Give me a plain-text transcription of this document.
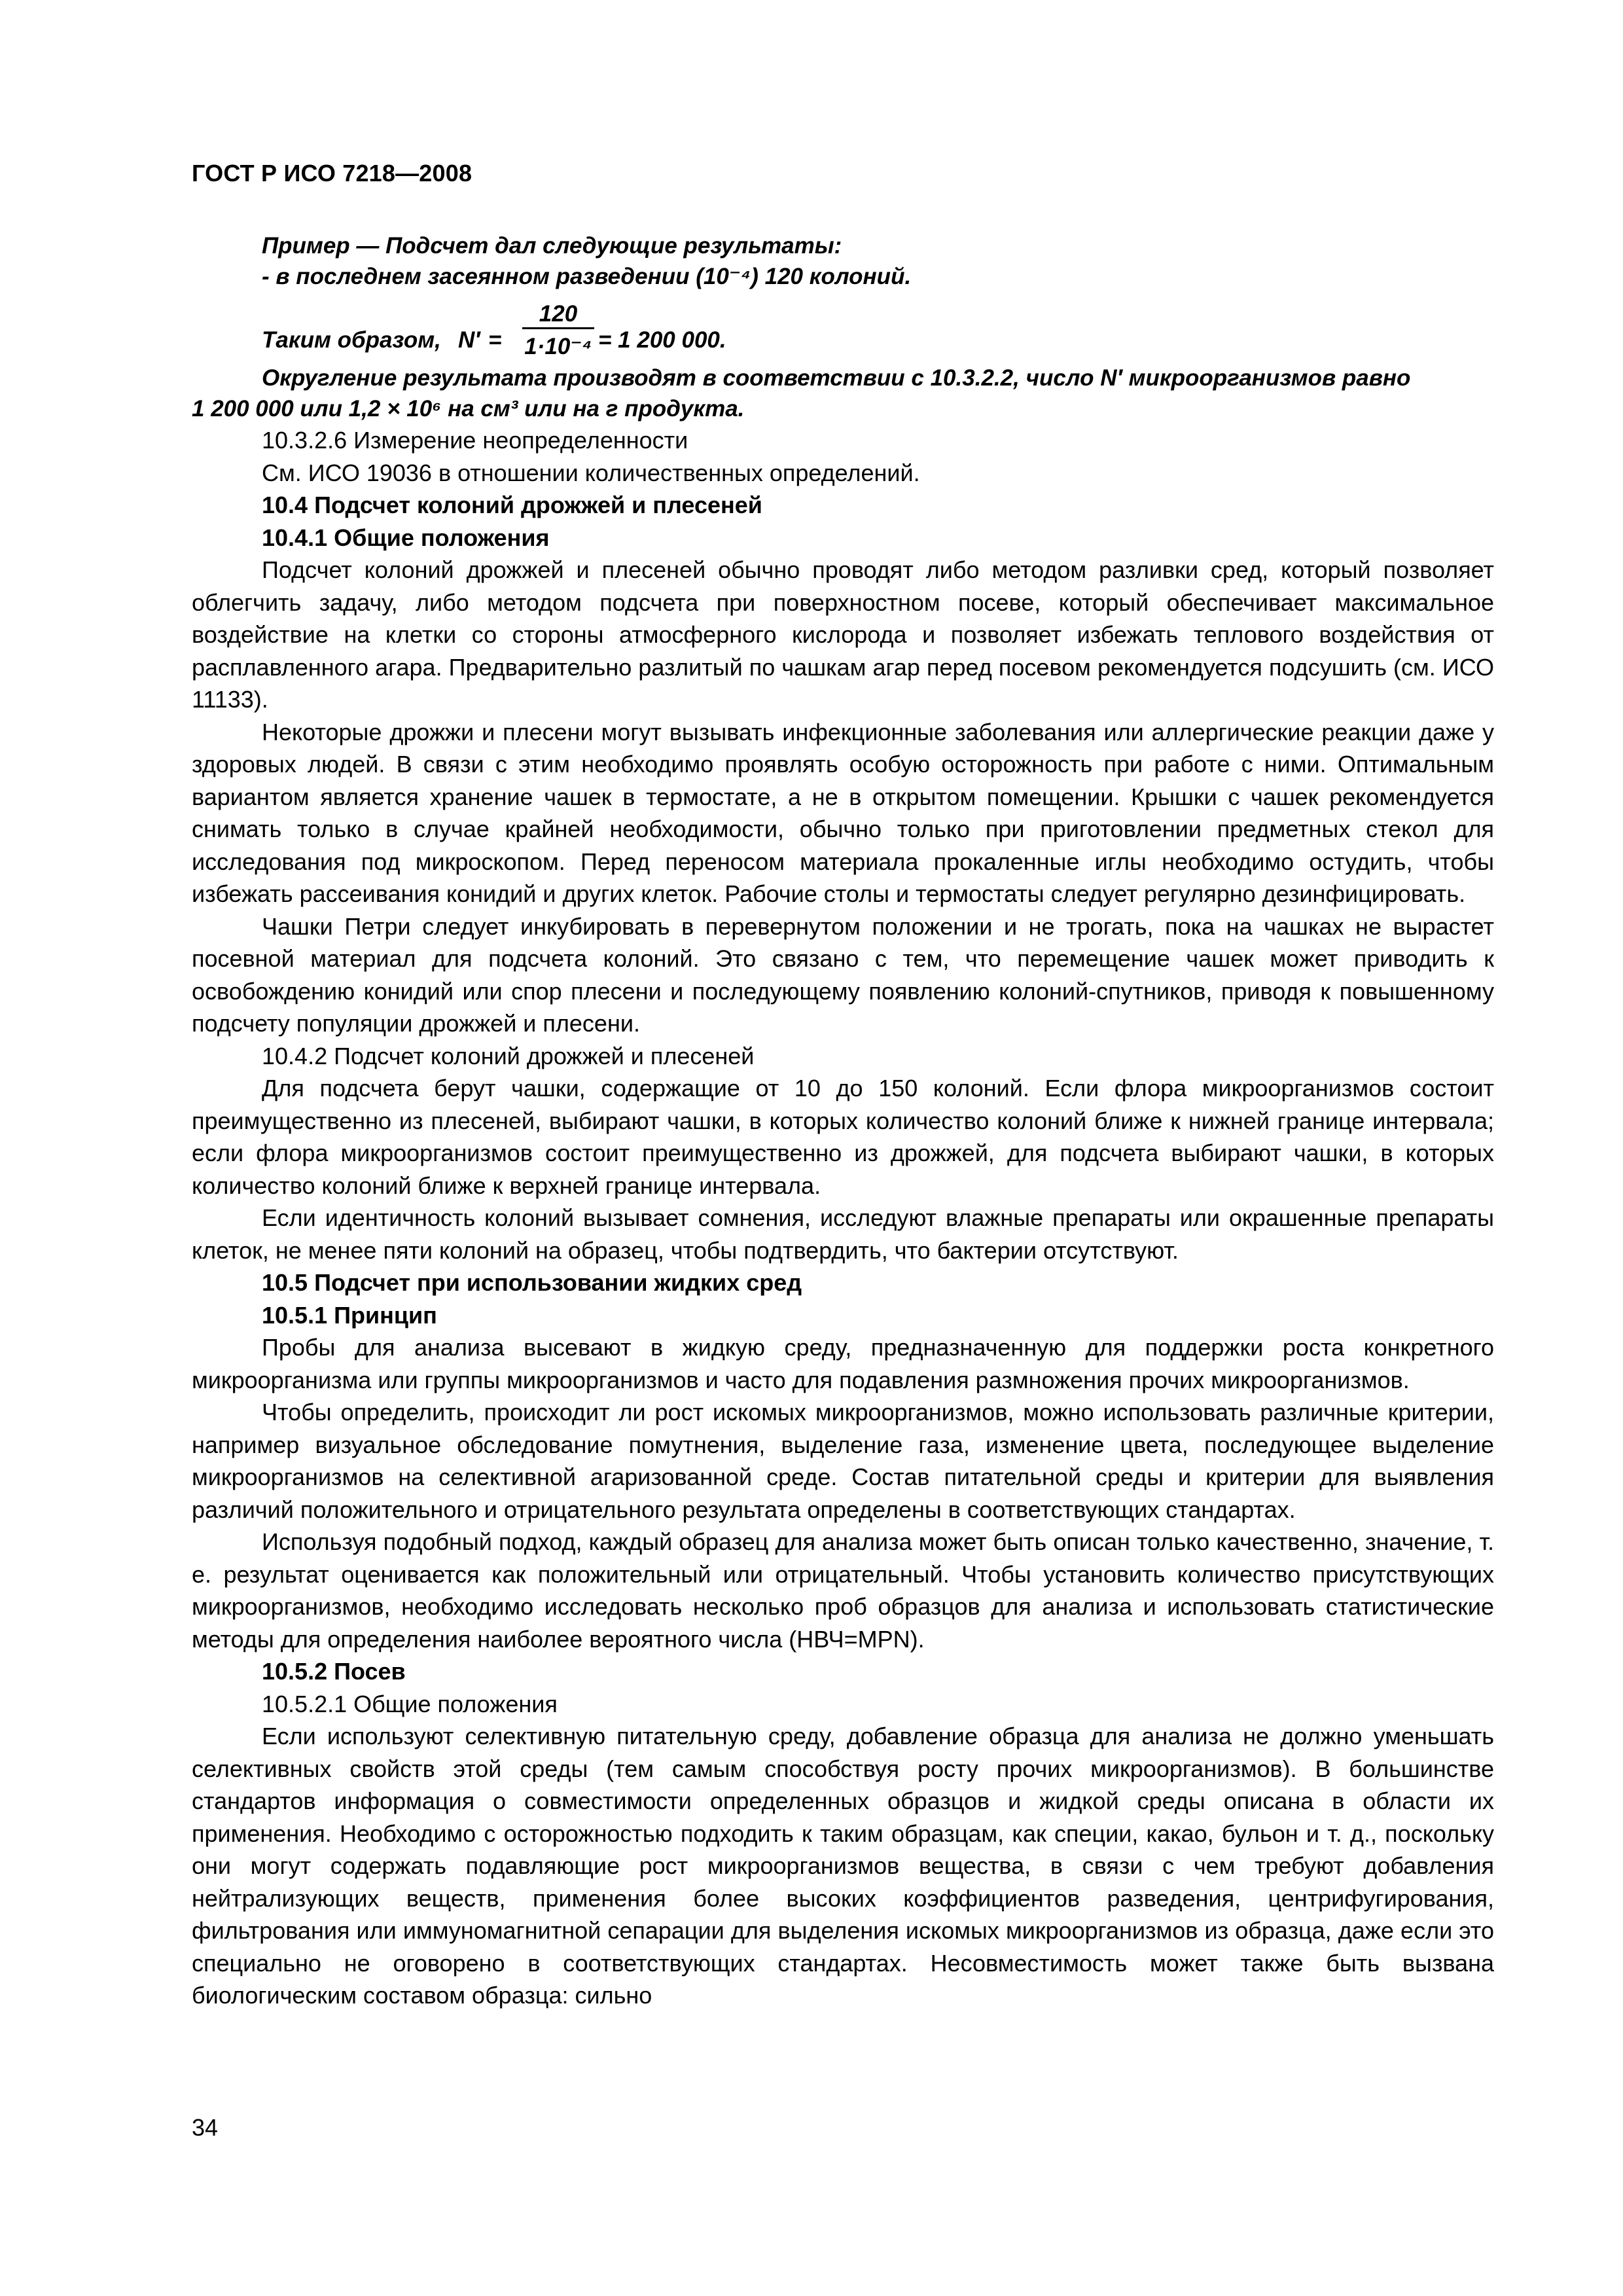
ГОСТ Р ИСО 7218—2008
Пример — Подсчет дал следующие результаты:
- в последнем засеянном разведении (10⁻⁴) 120 колоний.
Таким образом, N′ =
120
1·10⁻⁴ = 1 200 000.
Округление результата производят в соответствии с 10.3.2.2, число N′ микроорганизмов равно
1 200 000 или 1,2 × 10⁶ на см³ или на г продукта.

10.3.2.6 Измерение неопределенности

См. ИСО 19036 в отношении количественных определений.

10.4 Подсчет колоний дрожжей и плесеней

10.4.1 Общие положения

Подсчет колоний дрожжей и плесеней обычно проводят либо методом разливки сред, который позволяет облегчить задачу, либо методом подсчета при поверхностном посеве, который обеспечивает максимальное воздействие на клетки со стороны атмосферного кислорода и позволяет избежать теплового воздействия от расплавленного агара. Предварительно разлитый по чашкам агар перед посевом рекомендуется подсушить (см. ИСО 11133).

Некоторые дрожжи и плесени могут вызывать инфекционные заболевания или аллергические реакции даже у здоровых людей. В связи с этим необходимо проявлять особую осторожность при работе с ними. Оптимальным вариантом является хранение чашек в термостате, а не в открытом помещении. Крышки с чашек рекомендуется снимать только в случае крайней необходимости, обычно только при приготовлении предметных стекол для исследования под микроскопом. Перед переносом материала прокаленные иглы необходимо остудить, чтобы избежать рассеивания конидий и других клеток. Рабочие столы и термостаты следует регулярно дезинфицировать.

Чашки Петри следует инкубировать в перевернутом положении и не трогать, пока на чашках не вырастет посевной материал для подсчета колоний. Это связано с тем, что перемещение чашек может приводить к освобождению конидий или спор плесени и последующему появлению колоний-спутников, приводя к повышенному подсчету популяции дрожжей и плесени.

10.4.2 Подсчет колоний дрожжей и плесеней

Для подсчета берут чашки, содержащие от 10 до 150 колоний. Если флора микроорганизмов состоит преимущественно из плесеней, выбирают чашки, в которых количество колоний ближе к нижней границе интервала; если флора микроорганизмов состоит преимущественно из дрожжей, для подсчета выбирают чашки, в которых количество колоний ближе к верхней границе интервала.

Если идентичность колоний вызывает сомнения, исследуют влажные препараты или окрашенные препараты клеток, не менее пяти колоний на образец, чтобы подтвердить, что бактерии отсутствуют.

10.5 Подсчет при использовании жидких сред

10.5.1 Принцип

Пробы для анализа высевают в жидкую среду, предназначенную для поддержки роста конкретного микроорганизма или группы микроорганизмов и часто для подавления размножения прочих микроорганизмов.

Чтобы определить, происходит ли рост искомых микроорганизмов, можно использовать различные критерии, например визуальное обследование помутнения, выделение газа, изменение цвета, последующее выделение микроорганизмов на селективной агаризованной среде. Состав питательной среды и критерии для выявления различий положительного и отрицательного результата определены в соответствующих стандартах.

Используя подобный подход, каждый образец для анализа может быть описан только качественно, значение, т. е. результат оценивается как положительный или отрицательный. Чтобы установить количество присутствующих микроорганизмов, необходимо исследовать несколько проб образцов для анализа и использовать статистические методы для определения наиболее вероятного числа (НВЧ=MPN).

10.5.2 Посев

10.5.2.1 Общие положения

Если используют селективную питательную среду, добавление образца для анализа не должно уменьшать селективных свойств этой среды (тем самым способствуя росту прочих микроорганизмов). В большинстве стандартов информация о совместимости определенных образцов и жидкой среды описана в области их применения. Необходимо с осторожностью подходить к таким образцам, как специи, какао, бульон и т. д., поскольку они могут содержать подавляющие рост микроорганизмов вещества, в связи с чем требуют добавления нейтрализующих веществ, применения более высоких коэффициентов разведения, центрифугирования, фильтрования или иммуномагнитной сепарации для выделения искомых микроорганизмов из образца, даже если это специально не оговорено в соответствующих стандартах. Несовместимость может также быть вызвана биологическим составом образца: сильно

34
